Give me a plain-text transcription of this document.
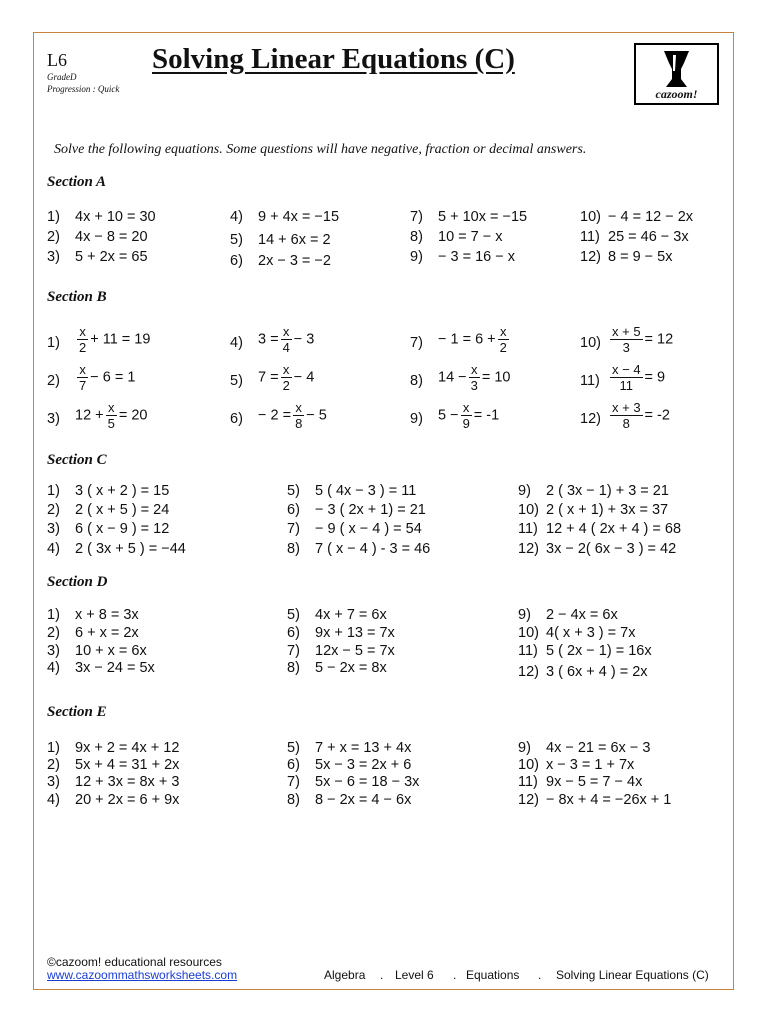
L6
GradeD
Progression : Quick
Solving Linear Equations (C)
cazoom!
Solve the following equations. Some questions will have negative, fraction or decimal answers.
Section A
Section B
Section C
Section D
Section E
1) 4x + 10 = 30
2) 4x − 8 = 20
3) 5 + 2x = 65
4) 9 + 4x = −15
5) 14 + 6x = 2
6) 2x − 3 = −2
7) 5 + 10x = −15
8) 10 = 7 − x
9) − 3 = 16 − x
10) − 4 = 12 − 2x
11) 25 = 46 − 3x
12) 8 = 9 − 5x
$1) \frac{x}{2} + 11 = 19$
$2) \frac{x}{7} - 6 = 1$
3) $12 + \frac{x}{5} = 20$
4) $3 = \frac{x}{4} - 3$
5) $7 = \frac{x}{2} - 4$
$6) - 2 = \frac{x}{8} - 5$
$7) - 1 = 6 + \frac{x}{2}$
8) $14 - \frac{x}{3} = 10$
9) $5 - \frac{x}{9} = -1$
$10) \frac{x + 5}{3} = 12$
$11) \frac{x - 4}{11} = 9$
$12) \frac{x + 3}{8} = -2$
1) 3 ( x + 2 ) = 15
2) 2 ( x + 5 ) = 24
3) 6 ( x − 9 ) = 12
4) 2 ( 3x + 5 ) = −44
5) 5 ( 4x − 3 ) = 11
6) − 3 ( 2x + 1) = 21
7) − 9 ( x − 4 ) = 54
8) 7 ( x − 4 ) - 3 = 46
9) 2 ( 3x − 1) + 3 = 21
10) 2 ( x + 1) + 3x = 37
11) 12 + 4 ( 2x + 4 ) = 68
12) 3x − 2( 6x − 3 ) = 42
1) x + 8 = 3x
2) 6 + x = 2x
3) 10 + x = 6x
4) 3x − 24 = 5x
5) 4x + 7 = 6x
6) 9x + 13 = 7x
7) 12x − 5 = 7x
8) 5 − 2x = 8x
9) 2 − 4x = 6x
10) 4( x + 3 ) = 7x
11) 5 ( 2x − 1) = 16x
12) 3 ( 6x + 4 ) = 2x
1) 9x + 2 = 4x + 12
2) 5x + 4 = 31 + 2x
3) 12 + 3x = 8x + 3
4) 20 + 2x = 6 + 9x
5) 7 + x = 13 + 4x
6) 5x − 3 = 2x + 6
7) 5x − 6 = 18 − 3x
8) 8 − 2x = 4 − 6x
9) 4x − 21 = 6x − 3
10) x − 3 = 1 + 7x
11) 9x − 5 = 7 − 4x
12) − 8x + 4 = −26x + 1
©cazoom! educational resources
www.cazoommathsworksheets.com	Algebra . Level 6 . Equations . Solving Linear Equations (C)
